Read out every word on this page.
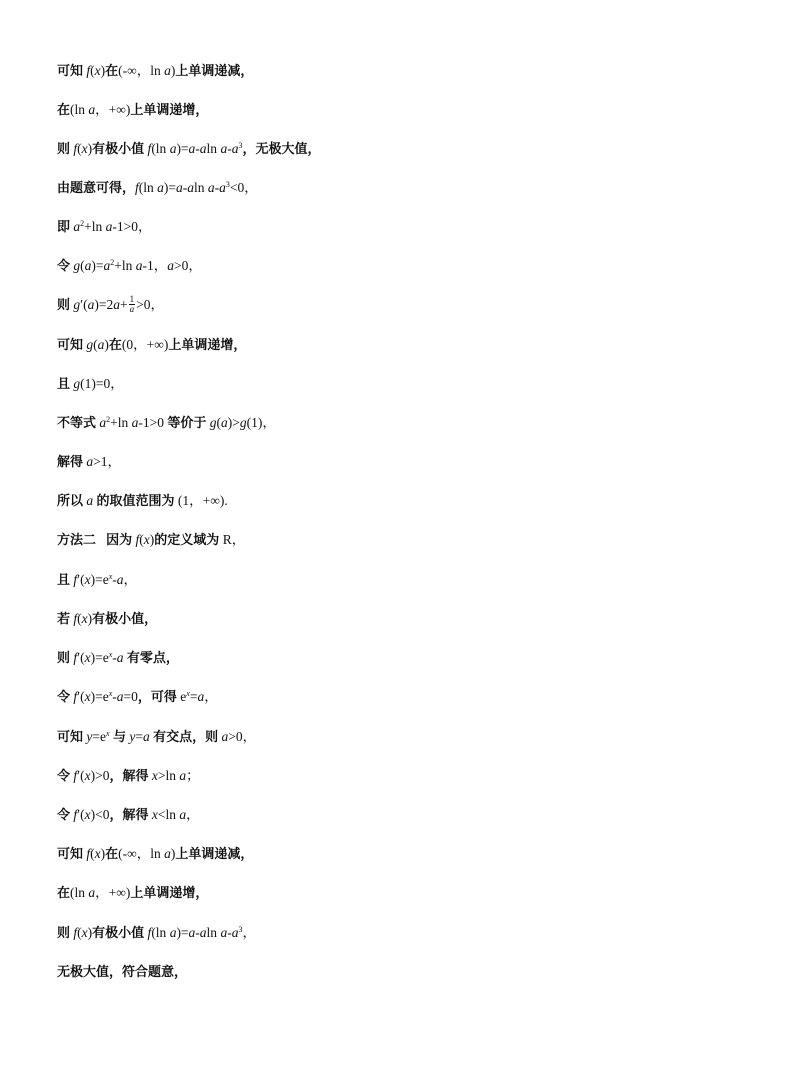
可知 f(x)在(-∞，ln a)上单调递减，
在(ln a，+∞)上单调递增，
则 f(x)有极小值 f(ln a)=a-aln $a-a^3$，无极大值，
由题意可得，f(ln a)=a-aln $a-a^3<0$，
即 $a^2+\ln$ a-1>0，
令 $g(a)=a^2+\ln$ a-1，a>0，
则 $g'(a)=2a+ \frac{1}{a} >0$，
可知 g(a)在(0，+∞)上单调递增，
且 g(1)=0，
不等式 $a^2+\ln$ a-1>0 等价于 g(a)>g(1)，
解得 a>1，
所以 a 的取值范围为 (1，+∞).
方法二 因为 f(x)的定义域为 R，
且 $f'(x)=e^x-a$，
若 f(x)有极小值，
则 $f'(x)=e^x-a$ 有零点，
令 $f'(x)=e^x-a=0$，可得 $e^x=a$，
可知 $y=e^x$ 与 y=a 有交点，则 a>0，
令 f′(x)>0，解得 x>ln a；
令 f′(x)<0，解得 x<ln a，
可知 f(x)在(-∞，ln a)上单调递减，
在(ln a，+∞)上单调递增，
则 f(x)有极小值 f(ln a)=a-aln $a-a^3$，
无极大值，符合题意，
